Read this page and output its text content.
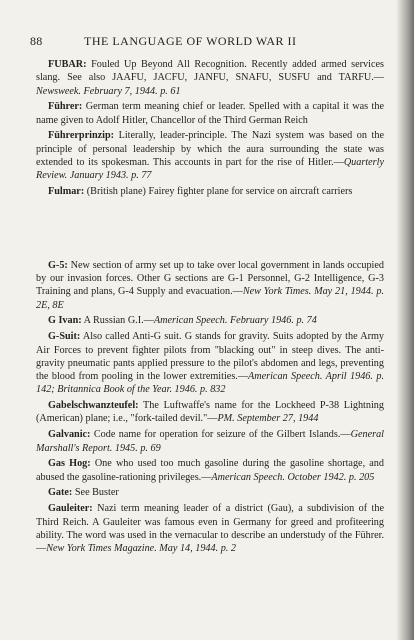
88	THE LANGUAGE OF WORLD WAR II

FUBAR: Fouled Up Beyond All Recognition. Recently added armed services slang. See also JAAFU, JACFU, JANFU, SNAFU, SUSFU and TARFU.—Newsweek. February 7, 1944. p. 61

Führer: German term meaning chief or leader. Spelled with a capital it was the name given to Adolf Hitler, Chancellor of the Third German Reich

Führerprinzip: Literally, leader-principle. The Nazi system was based on the principle of personal leadership by which the aura surrounding the state was extended to its spokesman. This accounts in part for the rise of Hitler.—Quarterly Review. January 1943. p. 77

Fulmar: (British plane) Fairey fighter plane for service on aircraft carriers

G-5: New section of army set up to take over local government in lands occupied by our invasion forces. Other G sections are G-1 Personnel, G-2 Intelligence, G-3 Training and plans, G-4 Supply and evacuation.—New York Times. May 21, 1944. p. 2E, 8E

G Ivan: A Russian G.I.—American Speech. February 1946. p. 74

G-Suit: Also called Anti-G suit. G stands for gravity. Suits adopted by the Army Air Forces to prevent fighter pilots from "blacking out" in steep dives. The anti-gravity pneumatic pants applied pressure to the pilot's abdomen and legs, preventing the blood from pooling in the lower extremities.—American Speech. April 1946. p. 142; Britannica Book of the Year. 1946. p. 832

Gabelschwanzteufel: The Luftwaffe's name for the Lockheed P-38 Lightning (American) plane; i.e., "fork-tailed devil."—PM. September 27, 1944

Galvanic: Code name for operation for seizure of the Gilbert Islands.—General Marshall's Report. 1945. p. 69

Gas Hog: One who used too much gasoline during the gasoline shortage, and abused the gasoline-rationing privileges.—American Speech. October 1942. p. 205

Gate: See Buster

Gauleiter: Nazi term meaning leader of a district (Gau), a subdivision of the Third Reich. A Gauleiter was famous even in Germany for greed and profiteering ability. The word was used in the vernacular to describe an understudy of the Führer.—New York Times Magazine. May 14, 1944. p. 2
